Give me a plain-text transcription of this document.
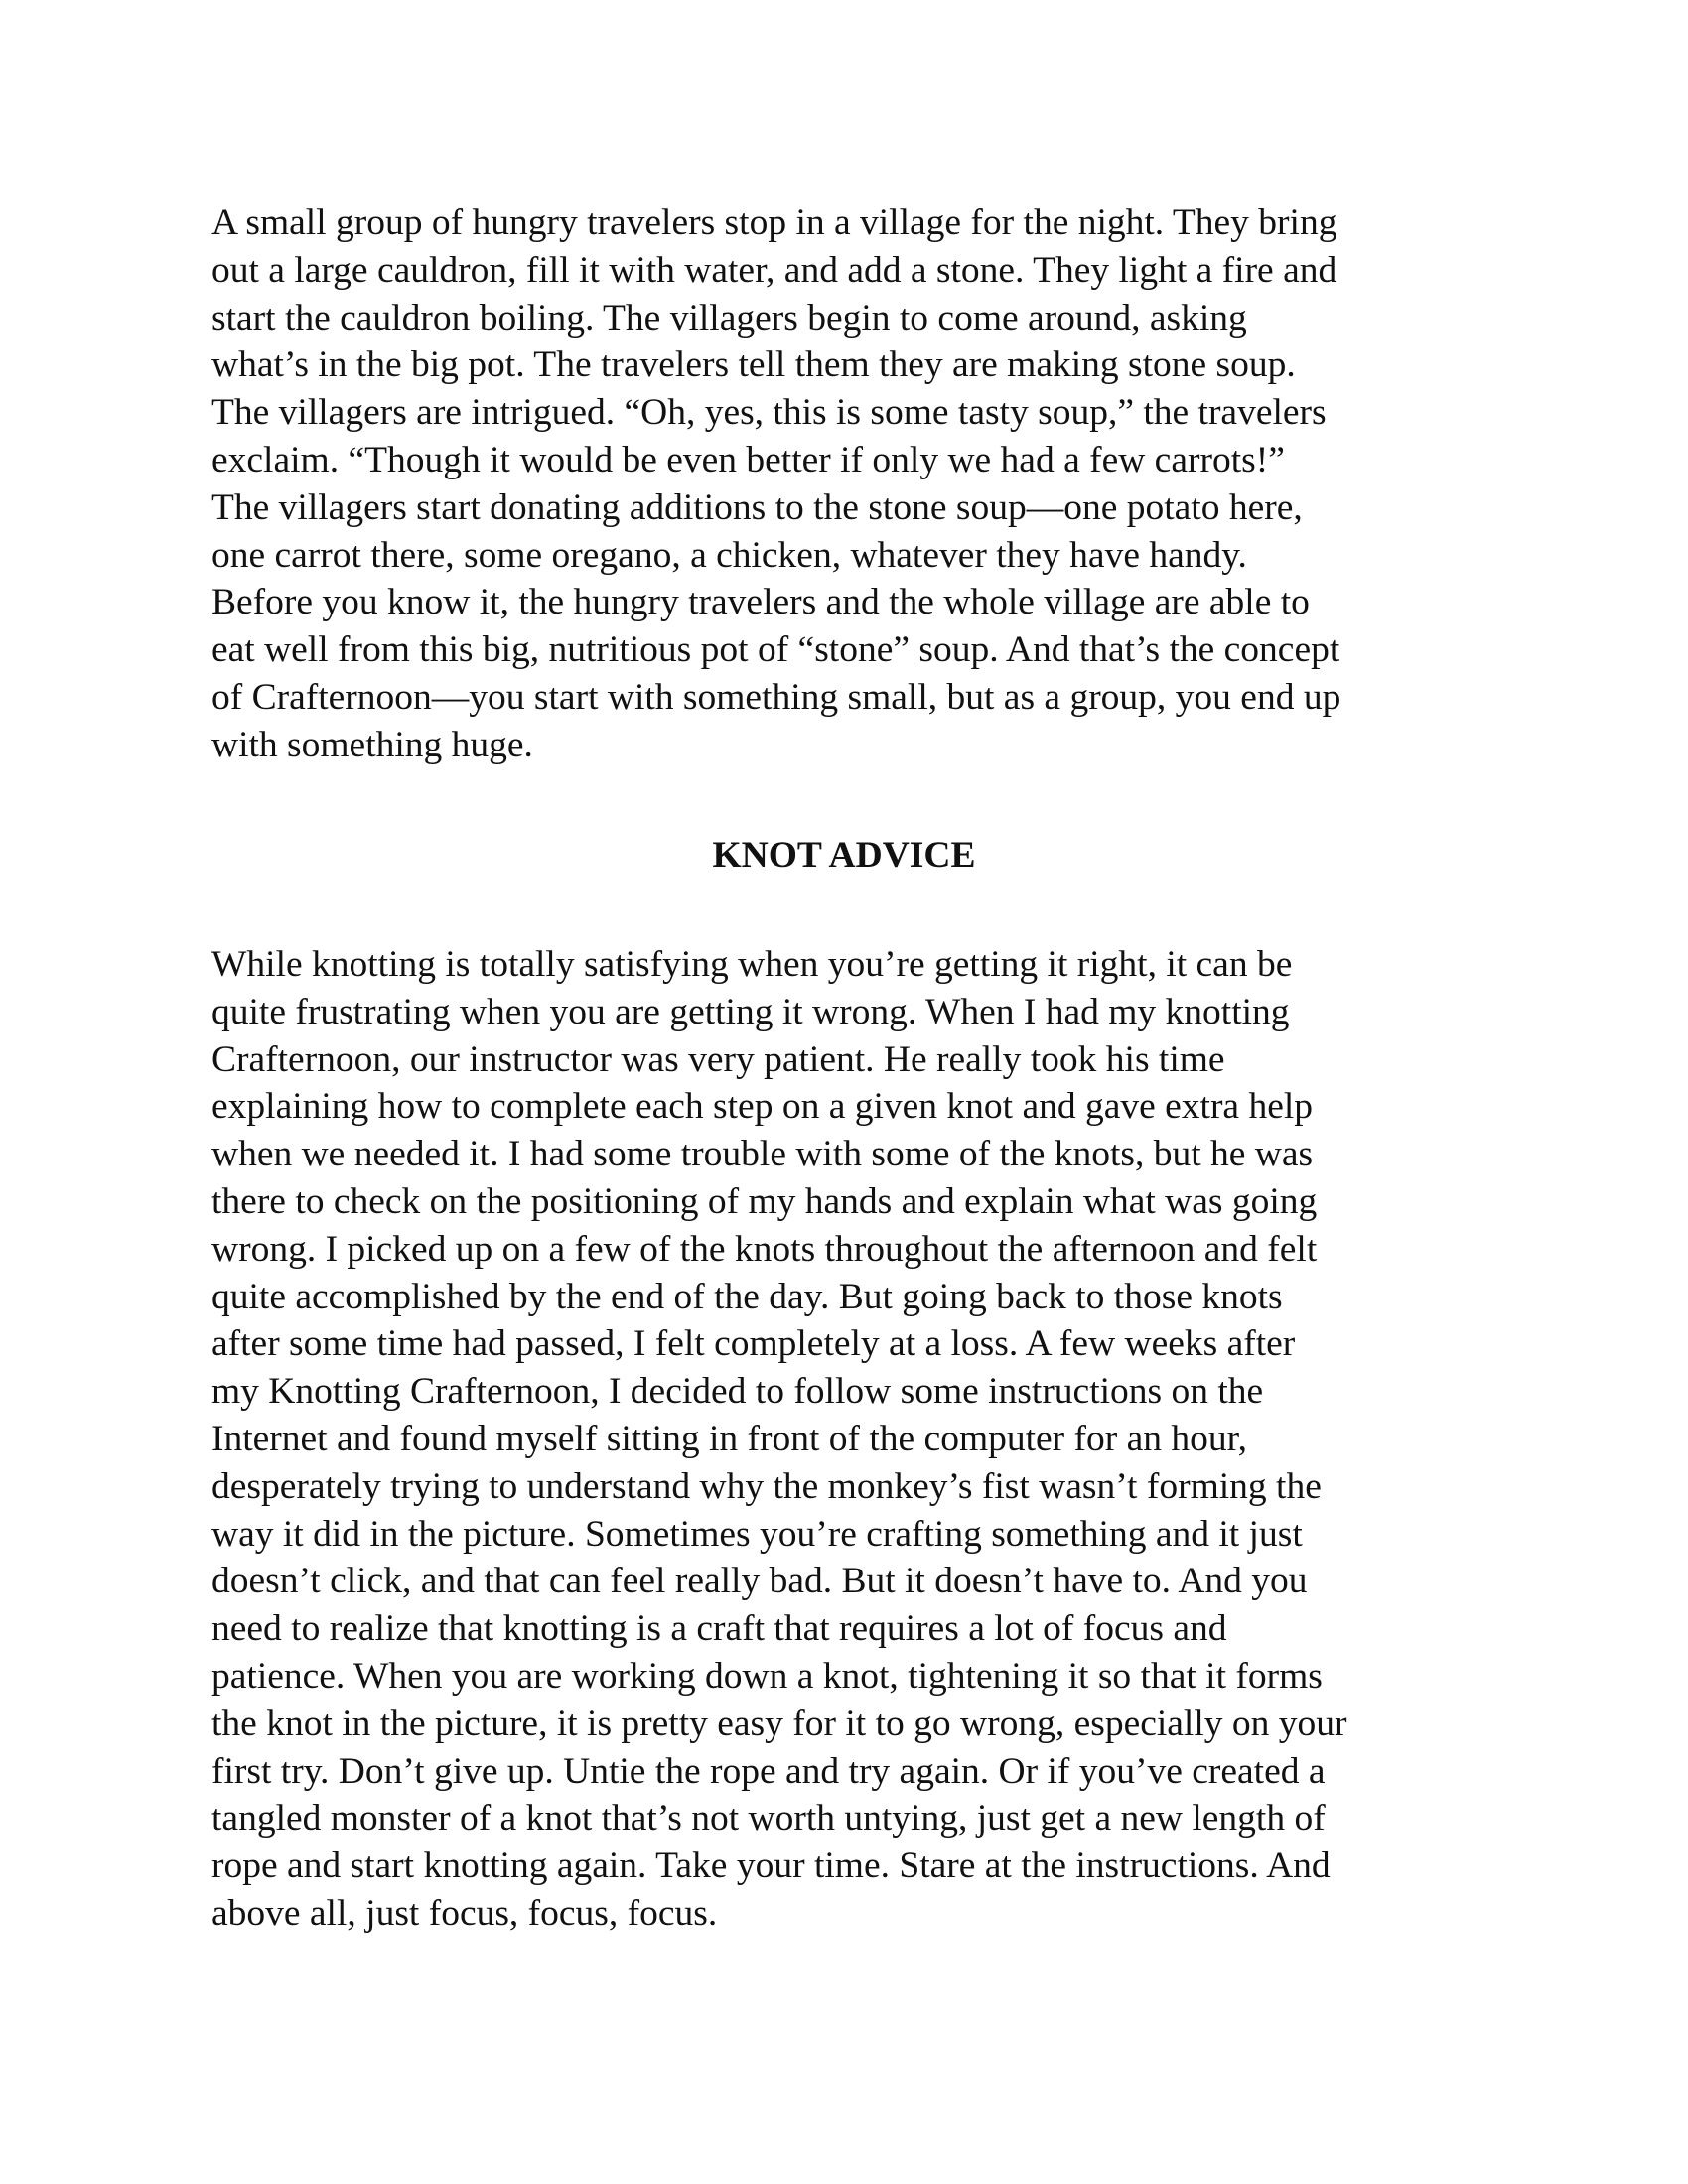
A small group of hungry travelers stop in a village for the night. They bring
out a large cauldron, fill it with water, and add a stone. They light a fire and
start the cauldron boiling. The villagers begin to come around, asking
what’s in the big pot. The travelers tell them they are making stone soup.
The villagers are intrigued. “Oh, yes, this is some tasty soup,” the travelers
exclaim. “Though it would be even better if only we had a few carrots!”
The villagers start donating additions to the stone soup—one potato here,
one carrot there, some oregano, a chicken, whatever they have handy.
Before you know it, the hungry travelers and the whole village are able to
eat well from this big, nutritious pot of “stone” soup. And that’s the concept
of Crafternoon—you start with something small, but as a group, you end up
with something huge.
KNOT ADVICE
While knotting is totally satisfying when you’re getting it right, it can be
quite frustrating when you are getting it wrong. When I had my knotting
Crafternoon, our instructor was very patient. He really took his time
explaining how to complete each step on a given knot and gave extra help
when we needed it. I had some trouble with some of the knots, but he was
there to check on the positioning of my hands and explain what was going
wrong. I picked up on a few of the knots throughout the afternoon and felt
quite accomplished by the end of the day. But going back to those knots
after some time had passed, I felt completely at a loss. A few weeks after
my Knotting Crafternoon, I decided to follow some instructions on the
Internet and found myself sitting in front of the computer for an hour,
desperately trying to understand why the monkey’s fist wasn’t forming the
way it did in the picture. Sometimes you’re crafting something and it just
doesn’t click, and that can feel really bad. But it doesn’t have to. And you
need to realize that knotting is a craft that requires a lot of focus and
patience. When you are working down a knot, tightening it so that it forms
the knot in the picture, it is pretty easy for it to go wrong, especially on your
first try. Don’t give up. Untie the rope and try again. Or if you’ve created a
tangled monster of a knot that’s not worth untying, just get a new length of
rope and start knotting again. Take your time. Stare at the instructions. And
above all, just focus, focus, focus.
